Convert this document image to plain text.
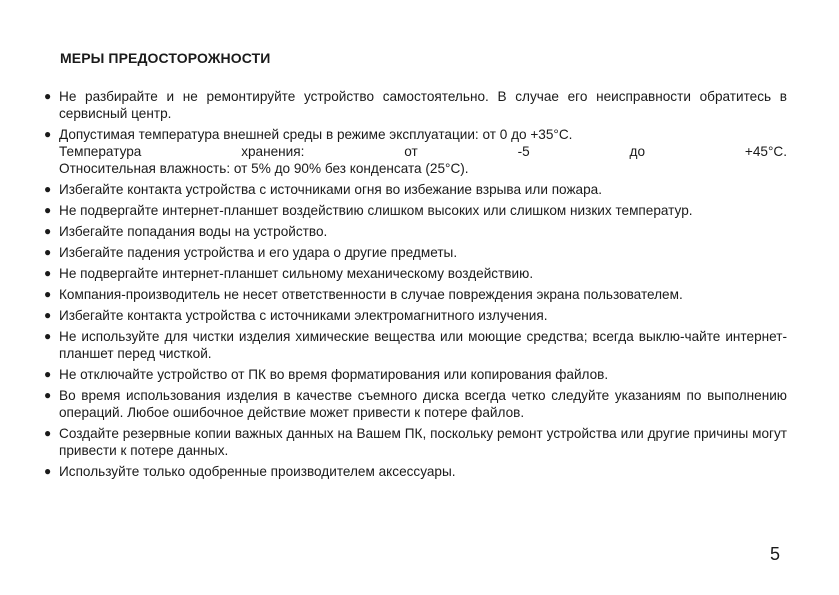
МЕРЫ ПРЕДОСТОРОЖНОСТИ
● Не разбирайте и не ремонтируйте устройство самостоятельно. В случае его неисправности обратитесь в сервисный центр.
● Допустимая температура внешней среды в режиме эксплуатации: от 0 до +35°C.
Температура	хранения:	от	-5	до	+45°C.
Относительная влажность: от 5% до 90% без конденсата (25°C).
● Избегайте контакта устройства с источниками огня во избежание взрыва или пожара.
● Не подвергайте интернет-планшет воздействию слишком высоких или слишком низких температур.
● Избегайте попадания воды на устройство.
● Избегайте падения устройства и его удара о другие предметы.
● Не подвергайте интернет-планшет сильному механическому воздействию.
● Компания-производитель не несет ответственности в случае повреждения экрана пользователем.
● Избегайте контакта устройства с источниками электромагнитного излучения.
● Не используйте для чистки изделия химические вещества или моющие средства; всегда выклю-чайте интернет-планшет перед чисткой.
● Не отключайте устройство от ПК во время форматирования или копирования файлов.
● Во время использования изделия в качестве съемного диска всегда четко следуйте указаниям по выполнению операций. Любое ошибочное действие может привести к потере файлов.
● Создайте резервные копии важных данных на Вашем ПК, поскольку ремонт устройства или другие причины могут привести к потере данных.
● Используйте только одобренные производителем аксессуары.
5
